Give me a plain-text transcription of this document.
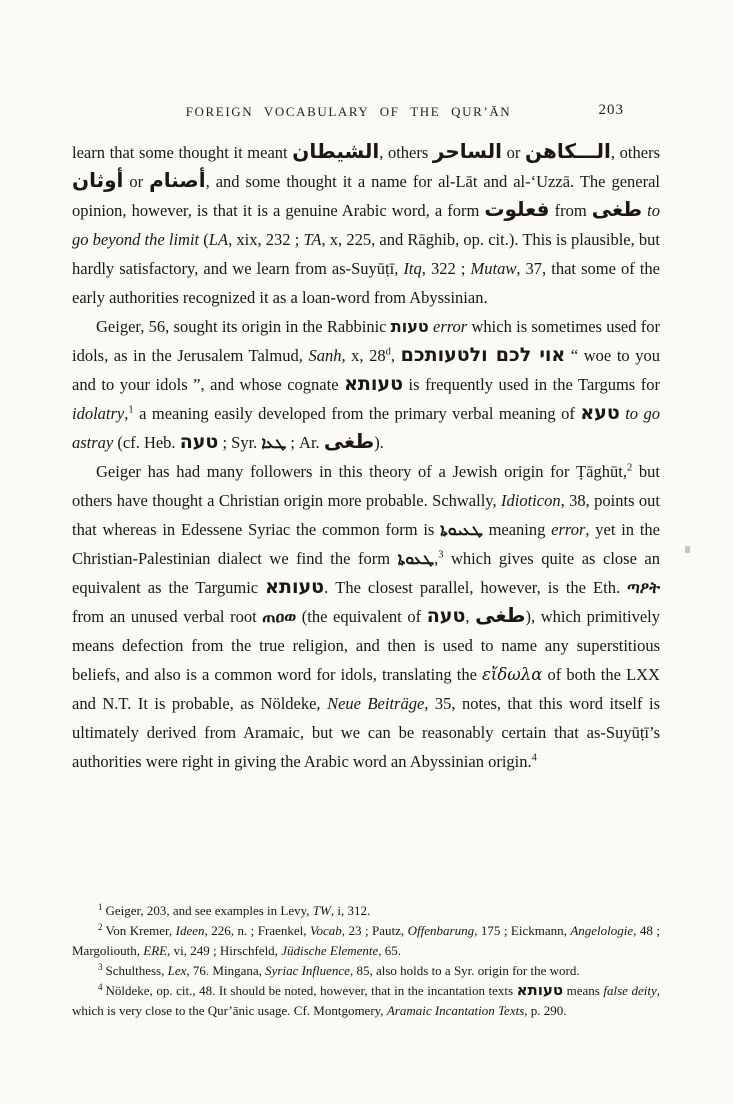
FOREIGN VOCABULARY OF THE QUR’ĀN	203

learn that some thought it meant الشيطان, others الساحر or الـــكاهن, others أوثان or أصنام, and some thought it a name for al-Lāt and al-‘Uzzā. The general opinion, however, is that it is a genuine Arabic word, a form فعلوت from طغى to go beyond the limit (LA, xix, 232 ; TA, x, 225, and Rāghib, op. cit.). This is plausible, but hardly satisfactory, and we learn from as-Suyūṭī, Itq, 322 ; Mutaw, 37, that some of the early authorities recognized it as a loan-word from Abyssinian.

Geiger, 56, sought its origin in the Rabbinic טעות error which is sometimes used for idols, as in the Jerusalem Talmud, Sanh, x, 28$^d$, אוי לכם ולטעותכם “ woe to you and to your idols ”, and whose cognate טעותא is frequently used in the Targums for idolatry,$^1$ a meaning easily developed from the primary verbal meaning of טעא to go astray (cf. Heb. טעה ; Syr. ܛܥܐ ; Ar. طغى).

Geiger has had many followers in this theory of a Jewish origin for Ṭāghūt,$^2$ but others have thought a Christian origin more probable. Schwally, Idioticon, 38, points out that whereas in Edessene Syriac the common form is ܛܥܝܘܬܐ meaning error, yet in the Christian-Palestinian dialect we find the form ܛܥܘܬܐ,$^3$ which gives quite as close an equivalent as the Targumic טעותא. The closest parallel, however, is the Eth. ጣዖት from an unused verbal root ጠዐወ (the equivalent of טעה, طغى), which primitively means defection from the true religion, and then is used to name any superstitious beliefs, and also is a common word for idols, translating the εἴδωλα of both the LXX and N.T. It is probable, as Nöldeke, Neue Beiträge, 35, notes, that this word itself is ultimately derived from Aramaic, but we can be reasonably certain that as-Suyūṭī’s authorities were right in giving the Arabic word an Abyssinian origin.$^4$

$^1$ Geiger, 203, and see examples in Levy, TW, i, 312.

$^2$ Von Kremer, Ideen, 226, n. ; Fraenkel, Vocab, 23 ; Pautz, Offenbarung, 175 ; Eickmann, Angelologie, 48 ; Margoliouth, ERE, vi, 249 ; Hirschfeld, Jüdische Elemente, 65.

$^3$ Schulthess, Lex, 76. Mingana, Syriac Influence, 85, also holds to a Syr. origin for the word.

$^4$ Nöldeke, op. cit., 48. It should be noted, however, that in the incantation texts טעותא means false deity, which is very close to the Qur’ānic usage. Cf. Montgomery, Aramaic Incantation Texts, p. 290.
